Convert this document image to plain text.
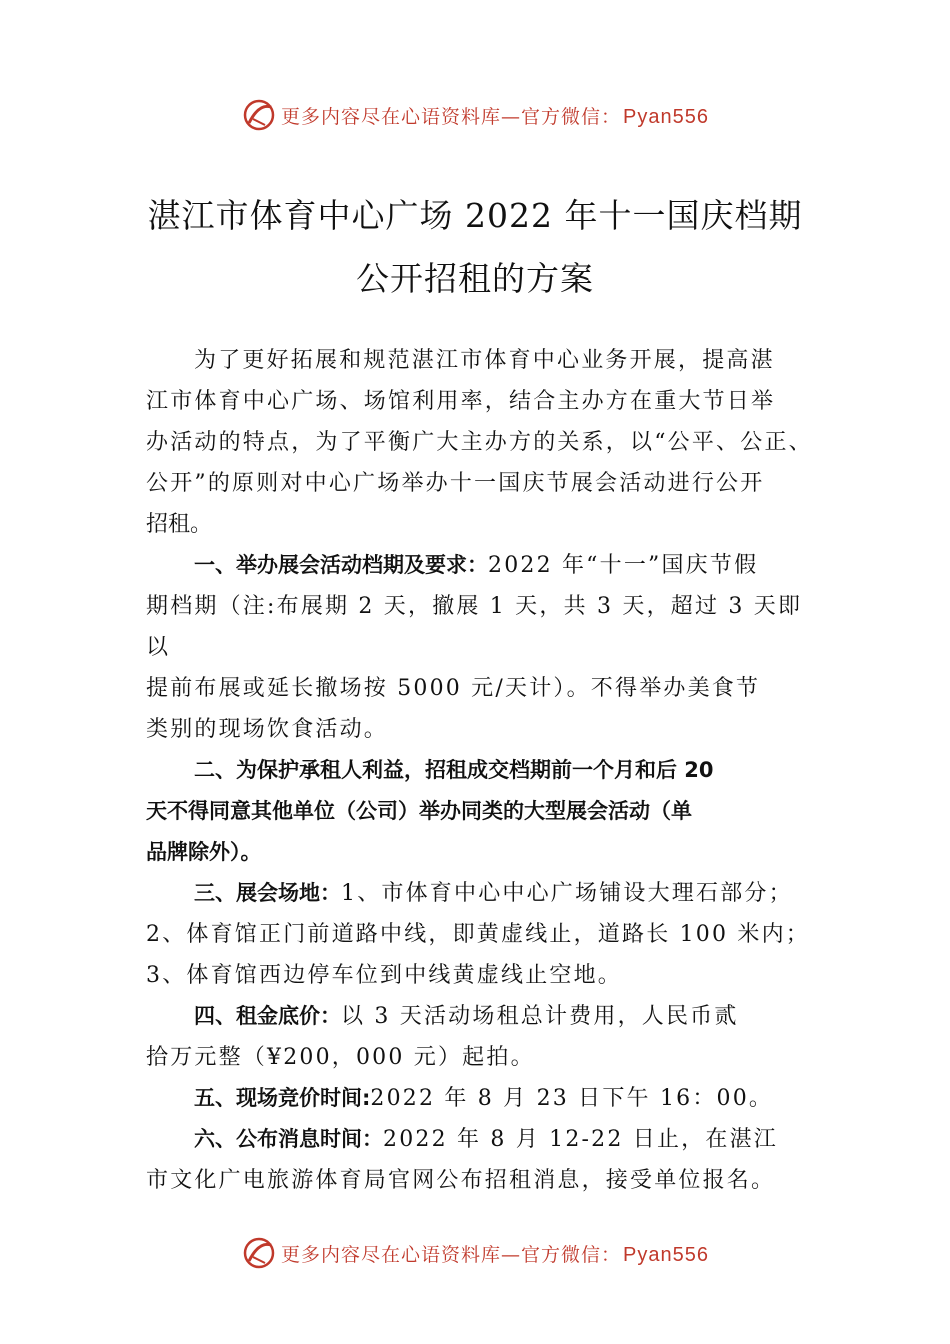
更多内容尽在心语资料库—官方微信： Pyan556
湛江市体育中心广场 2022 年十一国庆档期
公开招租的方案
为了更好拓展和规范湛江市体育中心业务开展，提高湛
江市体育中心广场、场馆利用率，结合主办方在重大节日举
办活动的特点，为了平衡广大主办方的关系，以“公平、公正、
公开”的原则对中心广场举办十一国庆节展会活动进行公开
招租。
一、举办展会活动档期及要求：2022 年“十一”国庆节假
期档期（注:布展期 2 天，撤展 1 天，共 3 天，超过 3 天即
以
提前布展或延长撤场按 5000 元/天计）。不得举办美食节
类别的现场饮食活动。
二、为保护承租人利益，招租成交档期前一个月和后 20
天不得同意其他单位（公司）举办同类的大型展会活动（单
品牌除外）。
三、展会场地：1、市体育中心中心广场铺设大理石部分；
2、体育馆正门前道路中线，即黄虚线止，道路长 100 米内；
3、体育馆西边停车位到中线黄虚线止空地。
四、租金底价：以 3 天活动场租总计费用，人民币贰
拾万元整（¥200，000 元）起拍。
五、现场竞价时间:2022 年 8 月 23 日下午 16：00。
六、公布消息时间：2022 年 8 月 12-22 日止，在湛江
市文化广电旅游体育局官网公布招租消息，接受单位报名。
更多内容尽在心语资料库—官方微信： Pyan556
